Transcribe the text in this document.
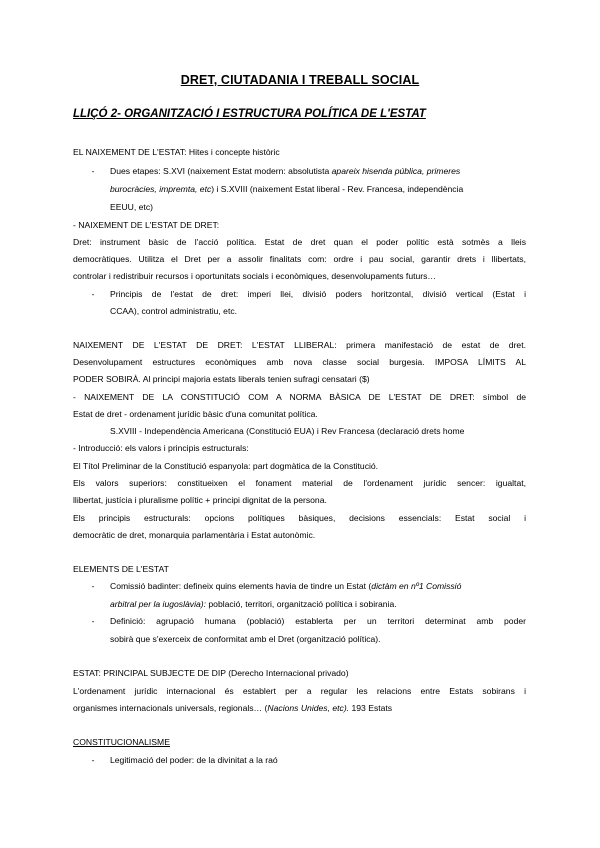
DRET, CIUTADANIA I TREBALL SOCIAL
LLIÇÓ 2- ORGANITZACIÓ I ESTRUCTURA POLÍTICA DE L'ESTAT
EL NAIXEMENT DE L'ESTAT: Hites i concepte històric
- Dues etapes: S.XVI (naixement Estat modern: absolutista apareix hisenda pública, primeres
burocràcies, impremta, etc) i S.XVIII (naixement Estat liberal - Rev. Francesa, independència
EEUU, etc)
- NAIXEMENT DE L'ESTAT DE DRET:
Dret: instrument bàsic de l'acció política. Estat de dret quan el poder polític està sotmès a lleis
democràtiques. Utilitza el Dret per a assolir finalitats com: ordre i pau social, garantir drets i llibertats,
controlar i redistribuir recursos i oportunitats socials i econòmiques, desenvolupaments futurs…
- Principis de l'estat de dret: imperi llei, divisió poders horitzontal, divisió vertical (Estat i
CCAA), control administratiu, etc.
NAIXEMENT DE L'ESTAT DE DRET: L'ESTAT LLIBERAL: primera manifestació de estat de dret.
Desenvolupament estructures econòmiques amb nova classe social burgesia. IMPOSA LÍMITS AL
PODER SOBIRÀ. Al principi majoria estats liberals tenien sufragi censatari ($)
- NAIXEMENT DE LA CONSTITUCIÓ COM A NORMA BÀSICA DE L'ESTAT DE DRET: símbol de
Estat de dret - ordenament jurídic bàsic d'una comunitat política.
S.XVIII - Independència Americana (Constitució EUA) i Rev Francesa (declaració drets home
- Introducció: els valors i principis estructurals:
El Títol Preliminar de la Constitució espanyola: part dogmàtica de la Constitució.
Els valors superiors: constitueixen el fonament material de l'ordenament jurídic sencer: igualtat,
llibertat, justícia i pluralisme polític + principi dignitat de la persona.
Els principis estructurals: opcions polítiques bàsiques, decisions essencials: Estat social i
democràtic de dret, monarquia parlamentària i Estat autonòmic.
ELEMENTS DE L'ESTAT
- Comissió badinter: defineix quins elements havia de tindre un Estat (dictàm en nº1 Comissió
arbitral per la iugoslàvia): població, territori, organització política i sobirania.
- Definició: agrupació humana (població) establerta per un territori determinat amb poder
sobirà que s'exerceix de conformitat amb el Dret (organització política).
ESTAT: PRINCIPAL SUBJECTE DE DIP (Derecho Internacional privado)
L'ordenament jurídic internacional és establert per a regular les relacions entre Estats sobirans i
organismes internacionals universals, regionals… (Nacions Unides, etc). 193 Estats
CONSTITUCIONALISME
- Legitimació del poder: de la divinitat a la raó
